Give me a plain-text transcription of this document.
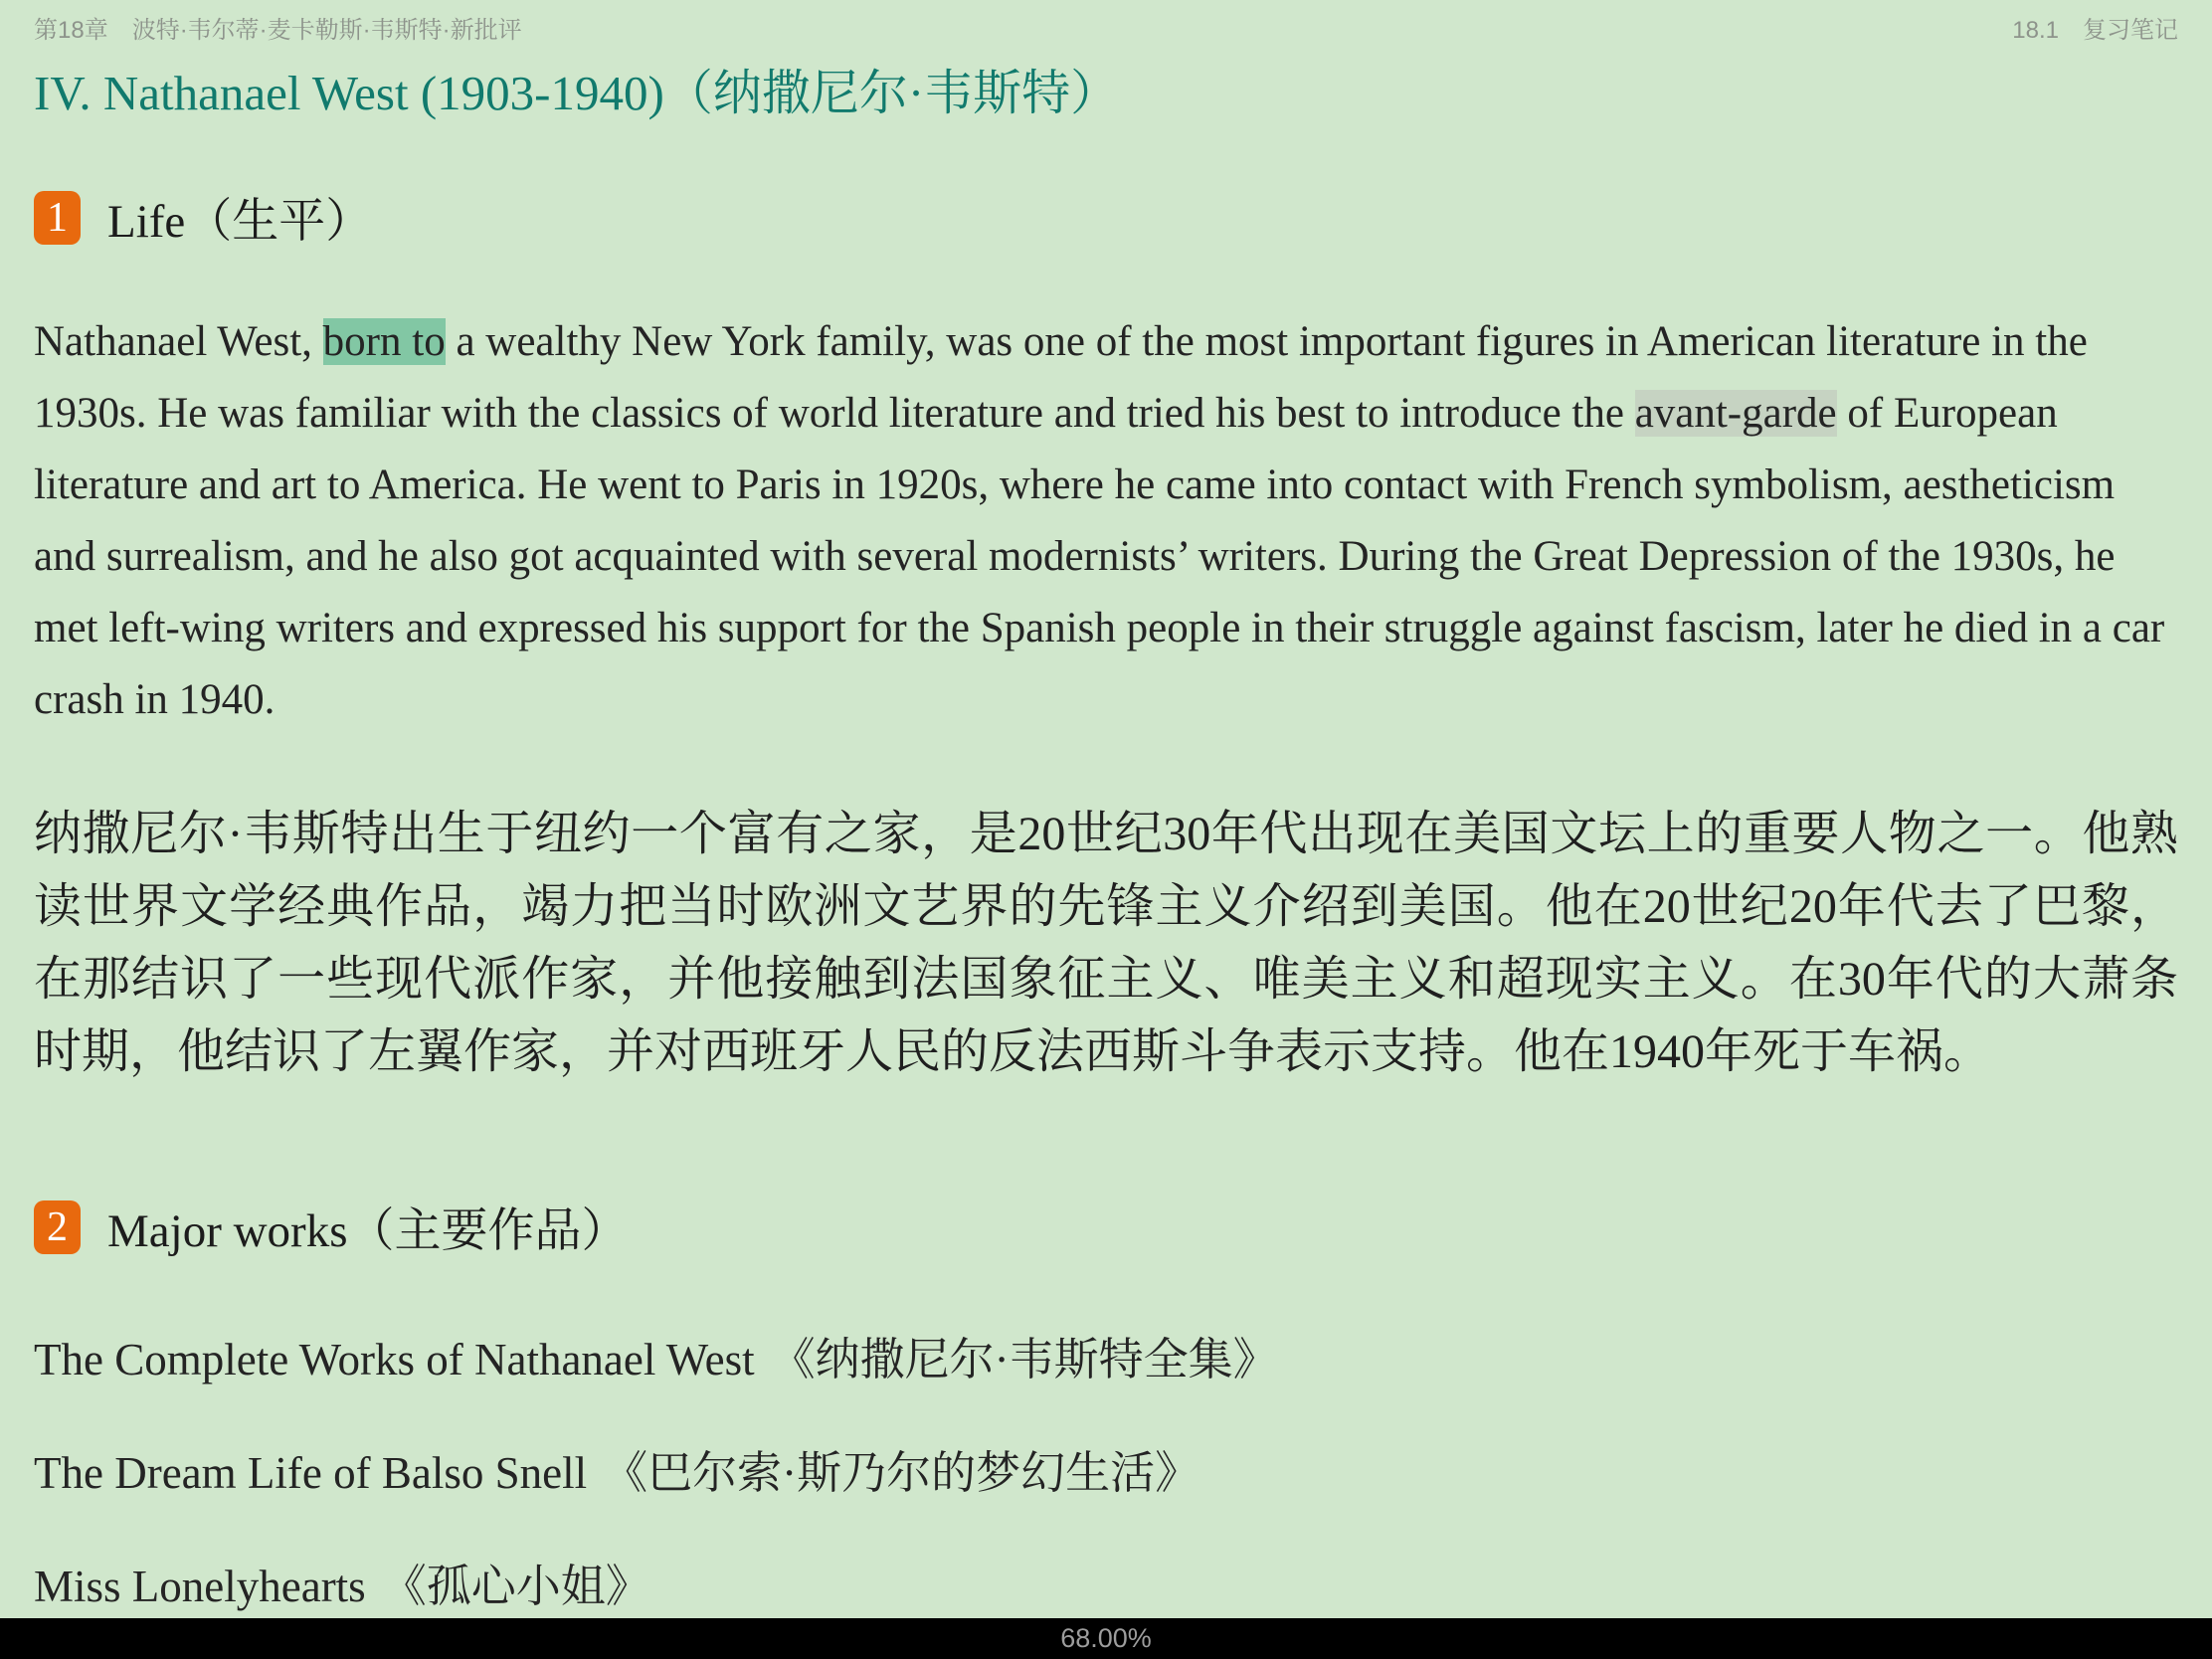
第18章　波特·韦尔蒂·麦卡勒斯·韦斯特·新批评	18.1　复习笔记
IV. Nathanael West (1903-1940)（纳撒尼尔·韦斯特）
1 Life（生平）

Nathanael West, born to a wealthy New York family, was one of the most important figures in American literature in the 1930s. He was familiar with the classics of world literature and tried his best to introduce the avant-garde of European literature and art to America. He went to Paris in 1920s, where he came into contact with French symbolism, aestheticism and surrealism, and he also got acquainted with several modernists’ writers. During the Great Depression of the 1930s, he met left-wing writers and expressed his support for the Spanish people in their struggle against fascism, later he died in a car crash in 1940.

纳撒尼尔·韦斯特出生于纽约一个富有之家，是20世纪30年代出现在美国文坛上的重要人物之一。他熟读世界文学经典作品，竭力把当时欧洲文艺界的先锋主义介绍到美国。他在20世纪20年代去了巴黎，在那结识了一些现代派作家，并他接触到法国象征主义、唯美主义和超现实主义。在30年代的大萧条时期，他结识了左翼作家，并对西班牙人民的反法西斯斗争表示支持。他在1940年死于车祸。

2 Major works（主要作品）

The Complete Works of Nathanael West 《纳撒尼尔·韦斯特全集》

The Dream Life of Balso Snell 《巴尔索·斯乃尔的梦幻生活》

Miss Lonelyhearts 《孤心小姐》

68.00%
